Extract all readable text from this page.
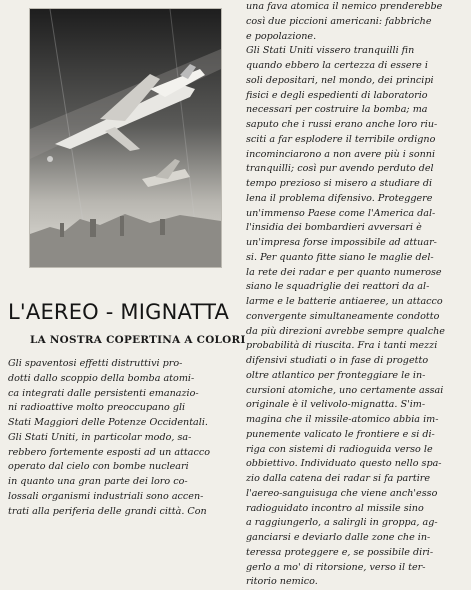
L'AEREO - MIGNATTA
LA NOSTRA COPERTINA A COLORI

Gli spaventosi effetti distruttivi pro-
dotti dallo scoppio della bomba atomi-
ca integrati dalle persistenti emanazio-
ni radioattive molto preoccupano gli
Stati Maggiori delle Potenze Occidentali.
Gli Stati Uniti, in particolar modo, sa-
rebbero fortemente esposti ad un attacco
operato dal cielo con bombe nucleari
in quanto una gran parte dei loro co-
lossali organismi industriali sono accen-
trati alla periferia delle grandi città. Con

una fava atomica il nemico prenderebbe
così due piccioni americani: fabbriche
e popolazione.
Gli Stati Uniti vissero tranquilli fin
quando ebbero la certezza di essere i
soli depositari, nel mondo, dei principi
fisici e degli espedienti di laboratorio
necessari per costruire la bomba; ma
saputo che i russi erano anche loro riu-
sciti a far esplodere il terribile ordigno
incominciarono a non avere più i sonni
tranquilli; così pur avendo perduto del
tempo prezioso si misero a studiare di
lena il problema difensivo. Proteggere
un'immenso Paese come l'America dal-
l'insidia dei bombardieri avversari è
un'impresa forse impossibile ad attuar-
si. Per quanto fitte siano le maglie del-
la rete dei radar e per quanto numerose
siano le squadriglie dei reattori da al-
larme e le batterie antiaeree, un attacco
convergente simultaneamente condotto
da più direzioni avrebbe sempre qualche
probabilità di riuscita. Fra i tanti mezzi
difensivi studiati o in fase di progetto
oltre atlantico per fronteggiare le in-
cursioni atomiche, uno certamente assai
originale è il velivolo-mignatta. S'im-
magina che il missile-atomico abbia im-
punemente valicato le frontiere e si di-
riga con sistemi di radioguida verso le
obbiettivo. Individuato questo nello spa-
zio dalla catena dei radar si fa partire
l'aereo-sanguisuga che viene anch'esso
radioguidato incontro al missile sino
a raggiungerlo, a salirgli in groppa, ag-
ganciarsi e deviarlo dalle zone che in-
teressa proteggere e, se possibile diri-
gerlo a mo' di ritorsione, verso il ter-
ritorio nemico.
